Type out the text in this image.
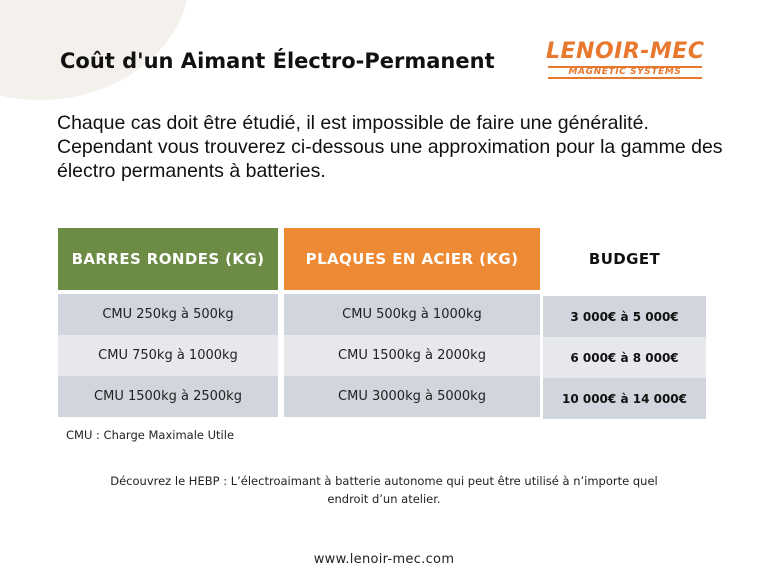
Coût d'un Aimant Électro-Permanent LENOIR-MEC
MAGNETIC SYSTEMS

Chaque cas doit être étudié, il est impossible de faire une généralité. Cependant vous trouverez ci-dessous une approximation pour la gamme des électro permanents à batteries.

BARRES RONDES (KG)	PLAQUES EN ACIER (KG)	BUDGET
CMU 250kg à 500kg	CMU 500kg à 1000kg	3 000€ à 5 000€
CMU 750kg à 1000kg	CMU 1500kg à 2000kg	6 000€ à 8 000€
CMU 1500kg à 2500kg	CMU 3000kg à 5000kg	10 000€ à 14 000€
CMU : Charge Maximale Utile
Découvrez le HEBP : L’électroaimant à batterie autonome qui peut être utilisé à n’importe quel
endroit d’un atelier.
www.lenoir-mec.com
